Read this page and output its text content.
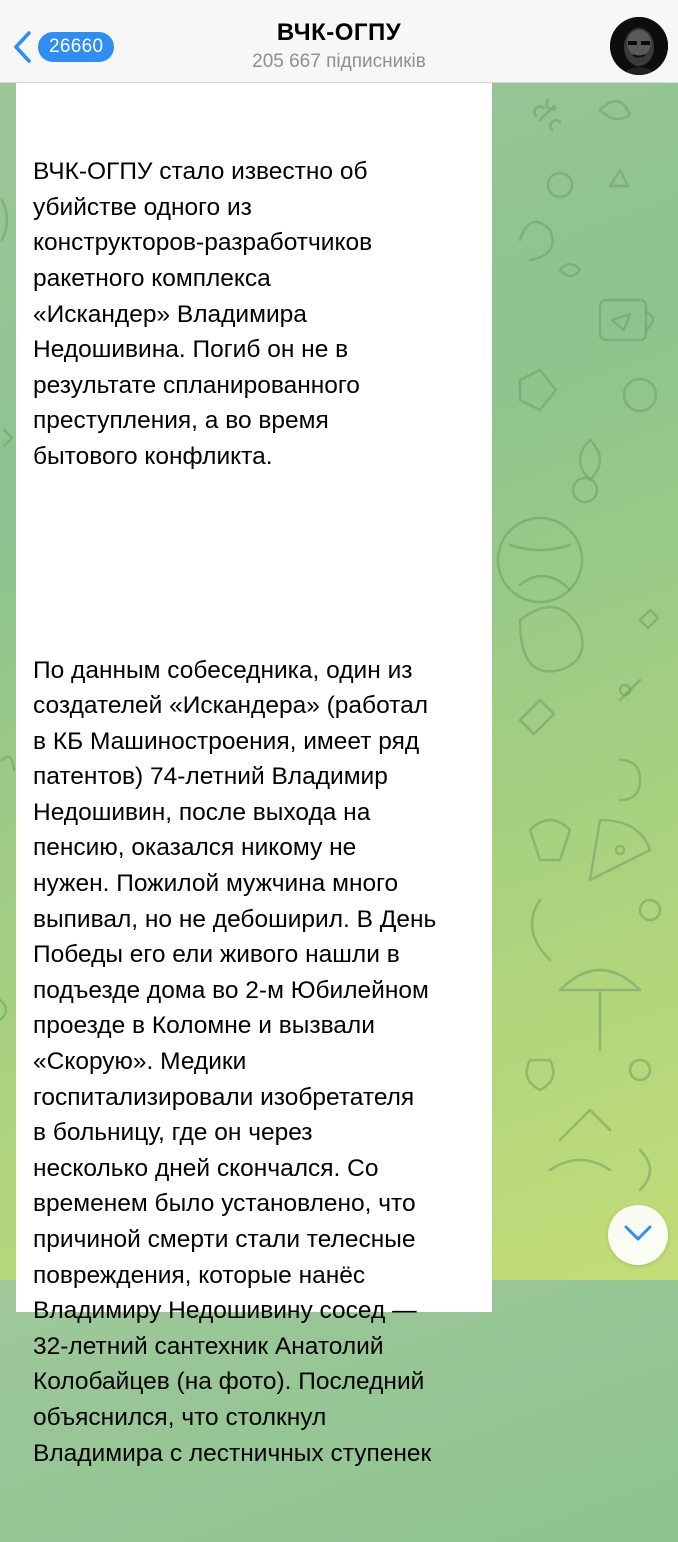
26660
ВЧК-ОГПУ
205 667 підписників

ВЧК-ОГПУ стало известно об
убийстве одного из
конструкторов-разработчиков
ракетного комплекса
«Искандер» Владимира
Недошивина. Погиб он не в
результате спланированного
преступления, а во время
бытового конфликта.

По данным собеседника, один из
создателей «Искандера» (работал
в КБ Машиностроения, имеет ряд
патентов) 74-летний Владимир
Недошивин, после выхода на
пенсию, оказался никому не
нужен. Пожилой мужчина много
выпивал, но не дебоширил. В День
Победы его ели живого нашли в
подъезде дома во 2-м Юбилейном
проезде в Коломне и вызвали
«Скорую». Медики
госпитализировали изобретателя
в больницу, где он через
несколько дней скончался. Со
временем было установлено, что
причиной смерти стали телесные
повреждения, которые нанёс
Владимиру Недошивину сосед —
32-летний сантехник Анатолий
Колобайцев (на фото). Последний
объяснился, что столкнул
Владимира с лестничных ступенек
